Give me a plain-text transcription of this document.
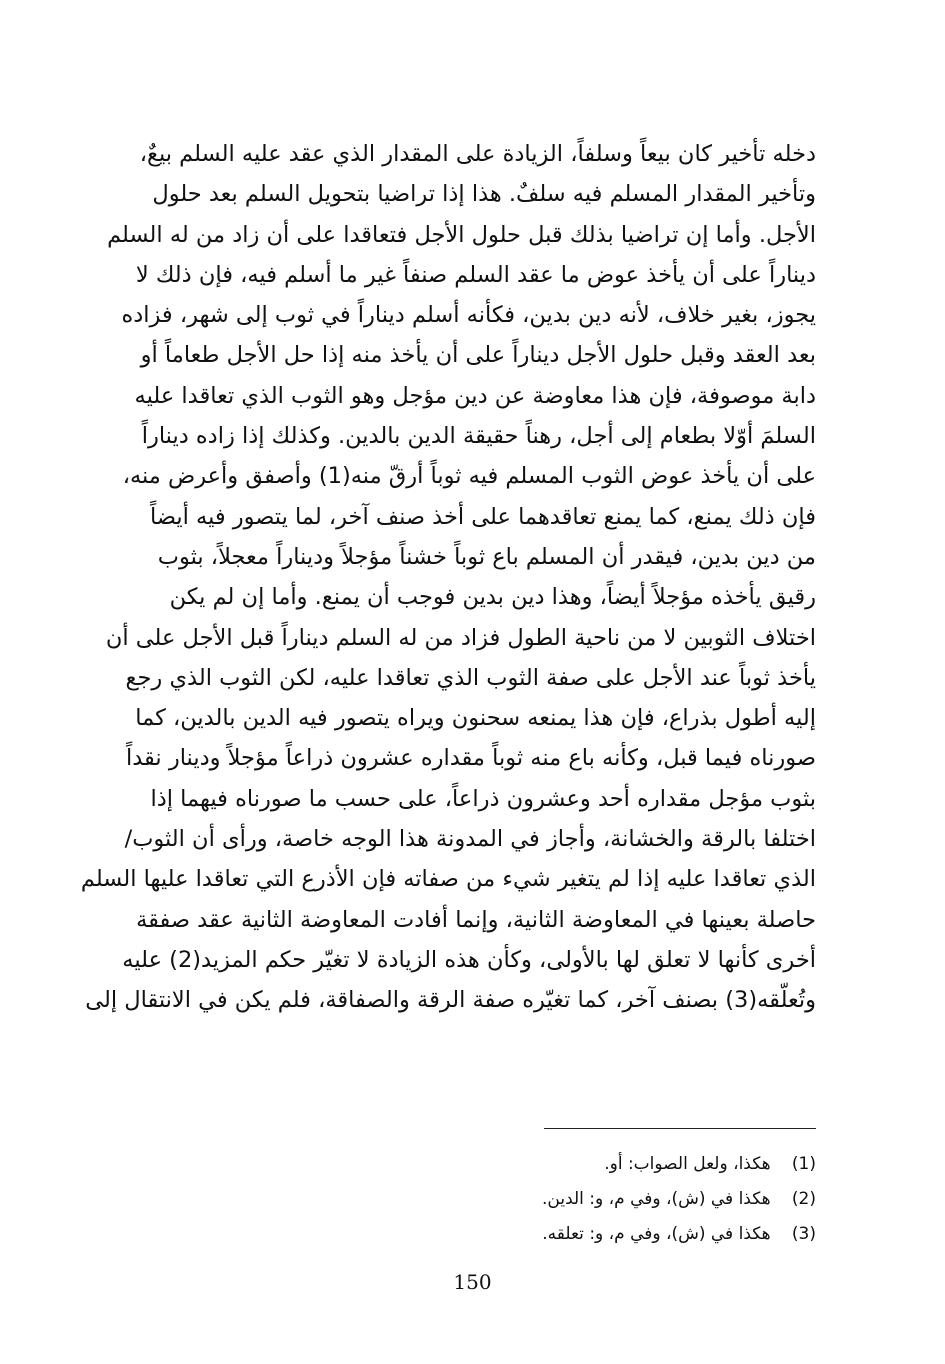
دخله تأخير كان بيعاً وسلفاً، الزيادة على المقدار الذي عقد عليه السلم بيعٌ،
وتأخير المقدار المسلم فيه سلفٌ. هذا إذا تراضيا بتحويل السلم بعد حلول
الأجل. وأما إن تراضيا بذلك قبل حلول الأجل فتعاقدا على أن زاد من له السلم
ديناراً على أن يأخذ عوض ما عقد السلم صنفاً غير ما أسلم فيه، فإن ذلك لا
يجوز، بغير خلاف، لأنه دين بدين، فكأنه أسلم ديناراً في ثوب إلى شهر، فزاده
بعد العقد وقبل حلول الأجل ديناراً على أن يأخذ منه إذا حل الأجل طعاماً أو
دابة موصوفة، فإن هذا معاوضة عن دين مؤجل وهو الثوب الذي تعاقدا عليه
السلمَ أوّلا بطعام إلى أجل، رهناً حقيقة الدين بالدين. وكذلك إذا زاده ديناراً
على أن يأخذ عوض الثوب المسلم فيه ثوباً أرقّ منه(1) وأصفق وأعرض منه،
فإن ذلك يمنع، كما يمنع تعاقدهما على أخذ صنف آخر، لما يتصور فيه أيضاً
من دين بدين، فيقدر أن المسلم باع ثوباً خشناً مؤجلاً وديناراً معجلاً، بثوب
رقيق يأخذه مؤجلاً أيضاً، وهذا دين بدين فوجب أن يمنع. وأما إن لم يكن
اختلاف الثوبين لا من ناحية الطول فزاد من له السلم ديناراً قبل الأجل على أن
يأخذ ثوباً عند الأجل على صفة الثوب الذي تعاقدا عليه، لكن الثوب الذي رجع
إليه أطول بذراع، فإن هذا يمنعه سحنون ويراه يتصور فيه الدين بالدين، كما
صورناه فيما قبل، وكأنه باع منه ثوباً مقداره عشرون ذراعاً مؤجلاً ودينار نقداً
بثوب مؤجل مقداره أحد وعشرون ذراعاً، على حسب ما صورناه فيهما إذا
اختلفا بالرقة والخشانة، وأجاز في المدونة هذا الوجه خاصة، ورأى أن الثوب/
الذي تعاقدا عليه إذا لم يتغير شيء من صفاته فإن الأذرع التي تعاقدا عليها السلم
حاصلة بعينها في المعاوضة الثانية، وإنما أفادت المعاوضة الثانية عقد صفقة
أخرى كأنها لا تعلق لها بالأولى، وكأن هذه الزيادة لا تغيّر حكم المزيد(2) عليه
وتُعلّقه(3) بصنف آخر، كما تغيّره صفة الرقة والصفاقة، فلم يكن في الانتقال إلى
(1) هكذا، ولعل الصواب: أو.
(2) هكذا في (ش)، وفي م، و: الدين.
(3) هكذا في (ش)، وفي م، و: تعلقه.
150
